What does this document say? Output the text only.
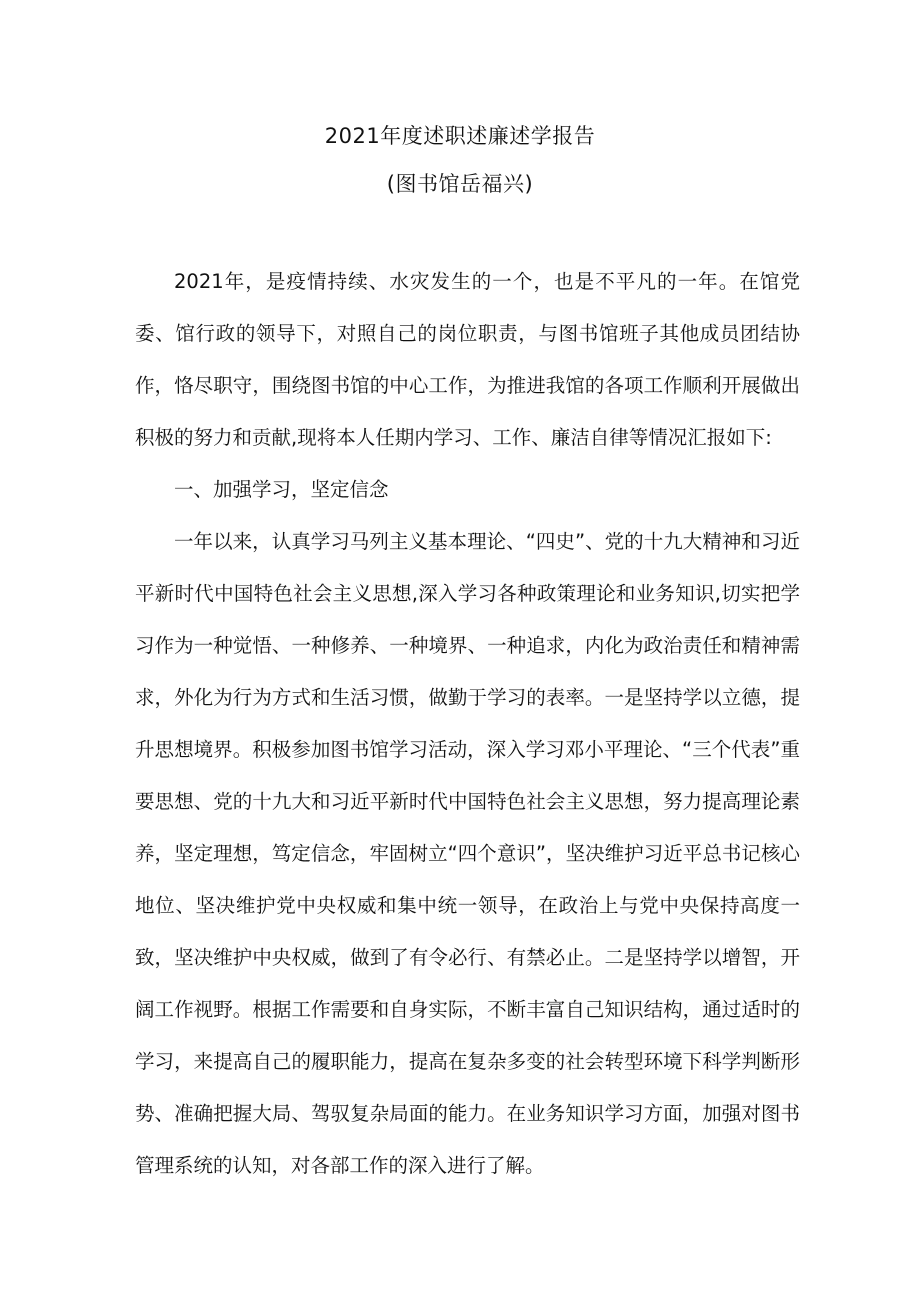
2021年度述职述廉述学报告
(图书馆岳福兴)

2021年，是疫情持续、水灾发生的一个，也是不平凡的一年。在馆党委、馆行政的领导下，对照自己的岗位职责，与图书馆班子其他成员团结协作，恪尽职守，围绕图书馆的中心工作，为推进我馆的各项工作顺利开展做出积极的努力和贡献,现将本人任期内学习、工作、廉洁自律等情况汇报如下:

一、加强学习，坚定信念

一年以来，认真学习马列主义基本理论、“四史”、党的十九大精神和习近平新时代中国特色社会主义思想,深入学习各种政策理论和业务知识,切实把学习作为一种觉悟、一种修养、一种境界、一种追求，内化为政治责任和精神需求，外化为行为方式和生活习惯，做勤于学习的表率。一是坚持学以立德，提升思想境界。积极参加图书馆学习活动，深入学习邓小平理论、“三个代表”重要思想、党的十九大和习近平新时代中国特色社会主义思想，努力提高理论素养，坚定理想，笃定信念，牢固树立“四个意识”，坚决维护习近平总书记核心地位、坚决维护党中央权威和集中统一领导，在政治上与党中央保持高度一致，坚决维护中央权威，做到了有令必行、有禁必止。二是坚持学以增智，开阔工作视野。根据工作需要和自身实际，不断丰富自己知识结构，通过适时的学习，来提高自己的履职能力，提高在复杂多变的社会转型环境下科学判断形势、准确把握大局、驾驭复杂局面的能力。在业务知识学习方面，加强对图书管理系统的认知，对各部工作的深入进行了解。
